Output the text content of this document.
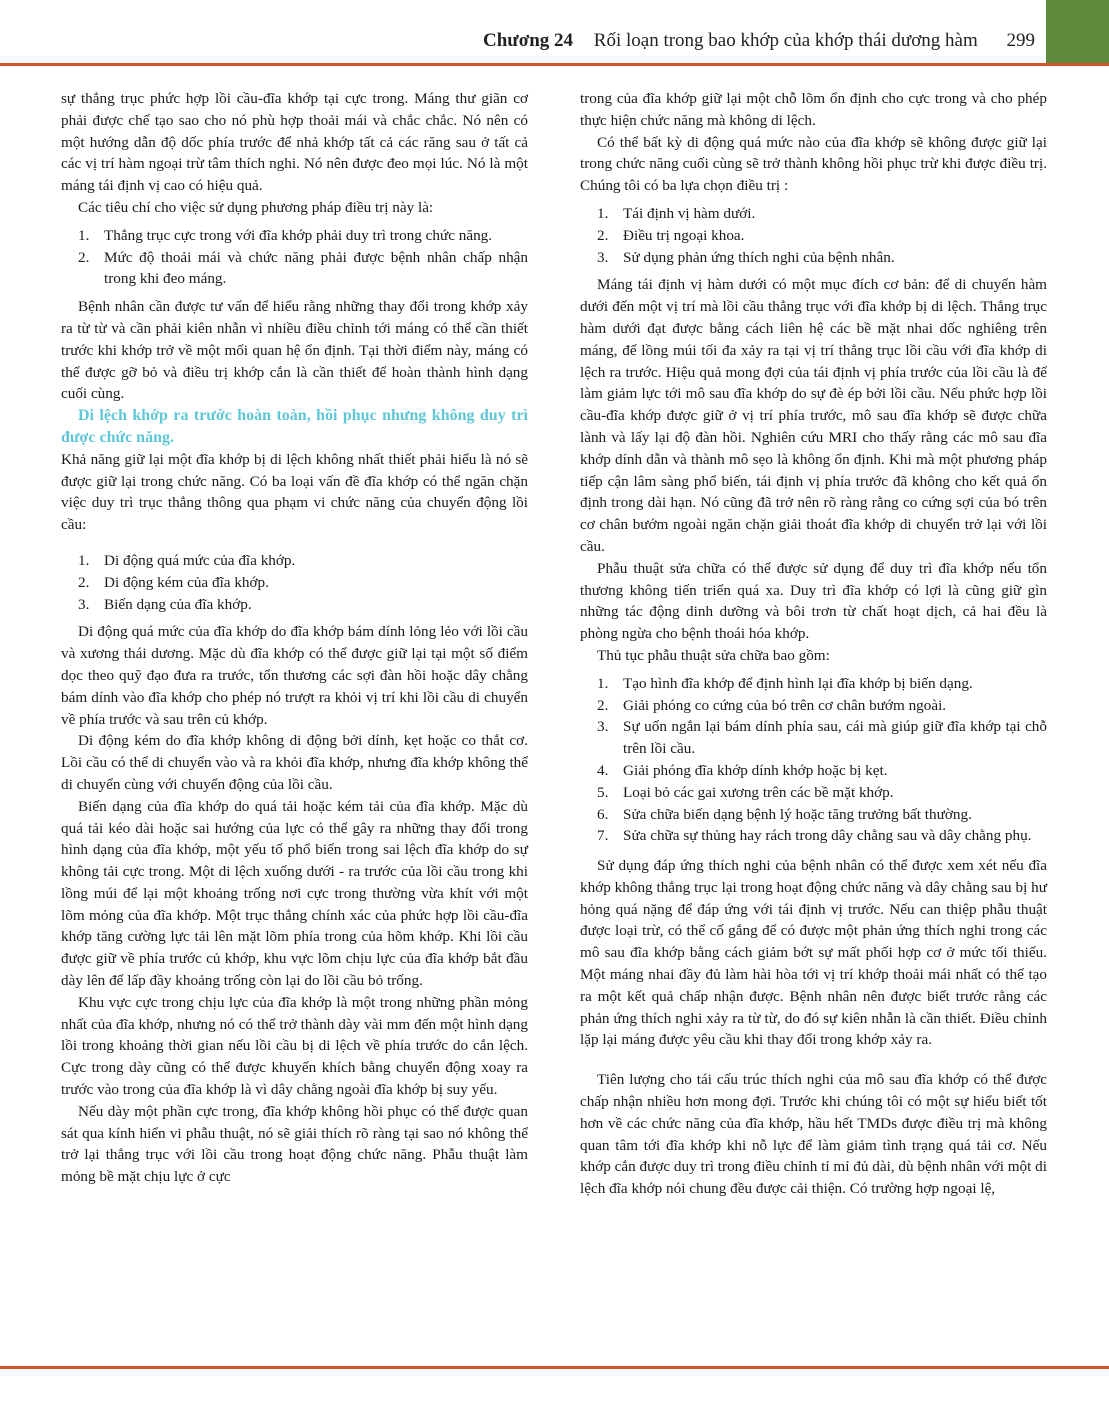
Chương 24 Rối loạn trong bao khớp của khớp thái dương hàm 299

sự thẳng trục phức hợp lồi cầu-đĩa khớp tại cực trong. Máng thư giãn cơ phải được chế tạo sao cho nó phù hợp thoải mái và chắc chắc. Nó nên có một hướng dẫn độ dốc phía trước để nhả khớp tất cả các răng sau ở tất cả các vị trí hàm ngoại trừ tâm thích nghi. Nó nên được đeo mọi lúc. Nó là một máng tái định vị cao có hiệu quả.

Các tiêu chí cho việc sử dụng phương pháp điều trị này là:

1. Thẳng trục cực trong với đĩa khớp phải duy trì trong chức năng.
2. Mức độ thoải mái và chức năng phải được bệnh nhân chấp nhận trong khi đeo máng.

Bệnh nhân cần được tư vấn để hiểu rằng những thay đổi trong khớp xảy ra từ từ và cần phải kiên nhẫn vì nhiều điều chỉnh tới máng có thể cần thiết trước khi khớp trở về một mối quan hệ ổn định. Tại thời điểm này, máng có thể được gỡ bỏ và điều trị khớp cắn là cần thiết để hoàn thành hình dạng cuối cùng.

Di lệch khớp ra trước hoàn toàn, hồi phục nhưng không duy trì được chức năng.

Khả năng giữ lại một đĩa khớp bị di lệch không nhất thiết phải hiểu là nó sẽ được giữ lại trong chức năng. Có ba loại vấn đề đĩa khớp có thể ngăn chặn việc duy trì trục thẳng thông qua phạm vi chức năng của chuyển động lồi cầu:

1. Di động quá mức của đĩa khớp.
2. Di động kém của đĩa khớp.
3. Biến dạng của đĩa khớp.

Di động quá mức của đĩa khớp do đĩa khớp bám dính lỏng lẻo với lồi cầu và xương thái dương. Mặc dù đĩa khớp có thể được giữ lại tại một số điểm dọc theo quỹ đạo đưa ra trước, tổn thương các sợi đàn hồi hoặc dây chằng bám dính vào đĩa khớp cho phép nó trượt ra khỏi vị trí khi lồi cầu di chuyển về phía trước và sau trên củ khớp.

Di động kém do đĩa khớp không di động bởi dính, kẹt hoặc co thắt cơ. Lồi cầu có thể di chuyển vào và ra khỏi đĩa khớp, nhưng đĩa khớp không thể di chuyển cùng với chuyển động của lồi cầu.

Biến dạng của đĩa khớp do quá tải hoặc kém tải của đĩa khớp. Mặc dù quá tải kéo dài hoặc sai hướng của lực có thể gây ra những thay đổi trong hình dạng của đĩa khớp, một yếu tố phổ biến trong sai lệch đĩa khớp do sự không tải cực trong. Một di lệch xuống dưới - ra trước của lồi cầu trong khi lồng múi để lại một khoảng trống nơi cực trong thường vừa khít với một lõm mỏng của đĩa khớp. Một trục thẳng chính xác của phức hợp lồi cầu-đĩa khớp tăng cường lực tải lên mặt lõm phía trong của hõm khớp. Khi lồi cầu được giữ về phía trước củ khớp, khu vực lõm chịu lực của đĩa khớp bắt đầu dày lên để lấp đầy khoảng trống còn lại do lồi cầu bỏ trống.

Khu vực cực trong chịu lực của đĩa khớp là một trong những phần mỏng nhất của đĩa khớp, nhưng nó có thể trở thành dày vài mm đến một hình dạng lồi trong khoảng thời gian nếu lồi cầu bị di lệch về phía trước do cắn lệch. Cực trong dày cũng có thể được khuyến khích bằng chuyển động xoay ra trước vào trong của đĩa khớp là vì dây chằng ngoài đĩa khớp bị suy yếu.

Nếu dày một phần cực trong, đĩa khớp không hồi phục có thể được quan sát qua kính hiển vi phẫu thuật, nó sẽ giải thích rõ ràng tại sao nó không thể trở lại thẳng trục với lồi cầu trong hoạt động chức năng. Phẫu thuật làm mỏng bề mặt chịu lực ở cực

trong của đĩa khớp giữ lại một chỗ lõm ổn định cho cực trong và cho phép thực hiện chức năng mà không di lệch.

Có thể bất kỳ di động quá mức nào của đĩa khớp sẽ không được giữ lại trong chức năng cuối cùng sẽ trở thành không hồi phục trừ khi được điều trị. Chúng tôi có ba lựa chọn điều trị :

1. Tái định vị hàm dưới.
2. Điều trị ngoại khoa.
3. Sử dụng phản ứng thích nghi của bệnh nhân.

Máng tái định vị hàm dưới có một mục đích cơ bản: để di chuyển hàm dưới đến một vị trí mà lồi cầu thẳng trục với đĩa khớp bị di lệch. Thẳng trục hàm dưới đạt được bằng cách liên hệ các bề mặt nhai dốc nghiêng trên máng, để lồng múi tối đa xảy ra tại vị trí thẳng trục lồi cầu với đĩa khớp di lệch ra trước. Hiệu quả mong đợi của tái định vị phía trước của lồi cầu là để làm giảm lực tới mô sau đĩa khớp do sự đè ép bởi lồi cầu. Nếu phức hợp lồi cầu-đĩa khớp được giữ ở vị trí phía trước, mô sau đĩa khớp sẽ được chữa lành và lấy lại độ đàn hồi. Nghiên cứu MRI cho thấy rằng các mô sau đĩa khớp dính dẫn và thành mô sẹo là không ổn định. Khi mà một phương pháp tiếp cận lâm sàng phổ biến, tái định vị phía trước đã không cho kết quả ổn định trong dài hạn. Nó cũng đã trở nên rõ ràng rằng co cứng sợi của bó trên cơ chân bướm ngoài ngăn chặn giải thoát đĩa khớp di chuyển trở lại với lồi cầu.

Phẫu thuật sửa chữa có thể được sử dụng để duy trì đĩa khớp nếu tổn thương không tiến triển quá xa. Duy trì đĩa khớp có lợi là cũng giữ gìn những tác động dinh dưỡng và bôi trơn từ chất hoạt dịch, cả hai đều là phòng ngừa cho bệnh thoái hóa khớp.

Thủ tục phẫu thuật sửa chữa bao gồm:

1. Tạo hình đĩa khớp để định hình lại đĩa khớp bị biến dạng.
2. Giải phóng co cứng của bó trên cơ chân bướm ngoài.
3. Sự uốn ngắn lại bám dính phía sau, cái mà giúp giữ đĩa khớp tại chỗ trên lồi cầu.
4. Giải phóng đĩa khớp dính khớp hoặc bị kẹt.
5. Loại bỏ các gai xương trên các bề mặt khớp.
6. Sửa chữa biến dạng bệnh lý hoặc tăng trưởng bất thường.
7. Sửa chữa sự thủng hay rách trong dây chằng sau và dây chằng phụ.

Sử dụng đáp ứng thích nghi của bệnh nhân có thể được xem xét nếu đĩa khớp không thẳng trục lại trong hoạt động chức năng và dây chằng sau bị hư hỏng quá nặng để đáp ứng với tái định vị trước. Nếu can thiệp phẫu thuật được loại trừ, có thể cố gắng để có được một phản ứng thích nghi trong các mô sau đĩa khớp bằng cách giảm bớt sự mất phối hợp cơ ở mức tối thiểu. Một máng nhai đầy đủ làm hài hòa tới vị trí khớp thoải mái nhất có thể tạo ra một kết quả chấp nhận được. Bệnh nhân nên được biết trước rằng các phản ứng thích nghi xảy ra từ từ, do đó sự kiên nhẫn là cần thiết. Điều chỉnh lặp lại máng được yêu cầu khi thay đổi trong khớp xảy ra.

Tiên lượng cho tái cấu trúc thích nghi của mô sau đĩa khớp có thể được chấp nhận nhiều hơn mong đợi. Trước khi chúng tôi có một sự hiểu biết tốt hơn về các chức năng của đĩa khớp, hầu hết TMDs được điều trị mà không quan tâm tới đĩa khớp khi nỗ lực để làm giảm tình trạng quá tải cơ. Nếu khớp cắn được duy trì trong điều chỉnh tỉ mỉ đủ dài, dù bệnh nhân với một di lệch đĩa khớp nói chung đều được cải thiện. Có trường hợp ngoại lệ,
